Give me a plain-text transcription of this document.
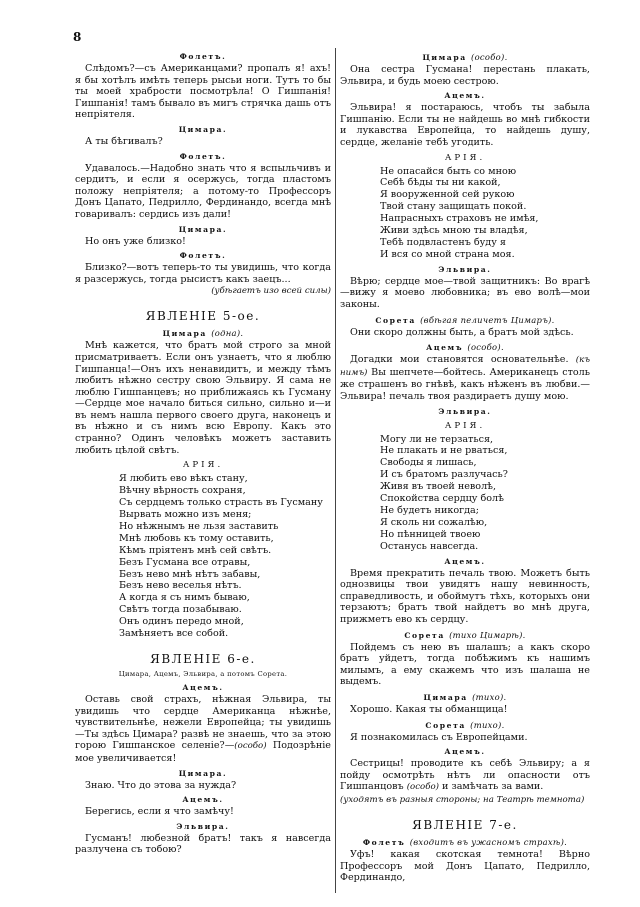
8
Фолетъ.
Слѣдомъ?—съ Американцами? пропалъ я! ахъ! я бы хотѣлъ имѣть теперь рысьи ноги. Тутъ то бы ты моей храбрости посмотрѣла! О Гишпанія! Гишпанія! тамъ бывало въ мигъ стрячка дашь отъ непріятеля.
Цимара.
А ты бѣгивалъ?
Фолетъ.
Удавалось.—Надобно знать что я вспыльчивъ и сердитъ, и если я осержусь, тогда пластомъ положу непріятеля; а потому-то Профессоръ Донъ Цапато, Педрилло, Фердинандо, всегда мнѣ говаривалъ: сердись изъ дали!
Цимара.
Но онъ уже близко!
Фолетъ.
Близко?—вотъ теперь-то ты увидишь, что когда я разсержусь, тогда рысистъ какъ заецъ...
(убѣгаетъ изо всей силы)
ЯВЛЕНІЕ 5-ое.
Цимара (одна).
Мнѣ кажется, что братъ мой строго за мной присматриваетъ. Если онъ узнаетъ, что я люблю Гишпанца!—Онъ ихъ ненавидитъ, и между тѣмъ любитъ нѣжно сестру свою Эльвиру. Я сама не люблю Гишпанцевъ; но приближаясь къ Гусману—Сердце мое начало биться сильно, сильно и—и въ немъ нашла первого своего друга, наконецъ и въ нѣжно и съ нимъ всю Европу. Какъ это странно? Одинъ человѣкъ можетъ заставить любить цѣлой свѣтъ.
АРІЯ.
Я любить ево вѣкъ стану,
Вѣчну вѣрность сохраня,
Съ сердцемъ только страсть въ Гусману
Вырвать можно изъ меня;
Но нѣжнымъ не льзя заставить
Мнѣ любовь къ тому оставить,
Кѣмъ прiятенъ мнѣ сей свѣтъ.
Безъ Гусмана все отравы,
Безъ нево мнѣ нѣтъ забавы,
Безъ нево веселья нѣтъ.
А когда я съ нимъ бываю,
Свѣтъ тогда позабываю.
Онъ одинъ передо мной,
Замѣняетъ все собой.
ЯВЛЕНІЕ 6-е.
Цимара, Ацемъ, Эльвира, а потомъ Сорета.
Ацемъ.
Оставь свой страхъ, нѣжная Эльвира, ты увидишь что сердце Американца нѣжнѣе, чувствительнѣе, нежели Европейца; ты увидишь—Ты здѣсь Цимара? развѣ не знаешь, что за этою горою Гишпанское селеніе?—(особо) Подозрѣніе мое увеличивается!
Цимара.
Знаю. Что до этова за нужда?
Ацемъ.
Берегись, если я что замѣчу!
Эльвира.
Гусманъ! любезной братъ! такъ я навсегда разлучена съ тобою?
Цимара (особо).
Она сестра Гусмана! перестань плакать, Эльвира, и будь моею сестрою.
Ацемъ.
Эльвира! я постараюсь, чтобъ ты забыла Гишпанію. Если ты не найдешь во мнѣ гибкости и лукавства Европейца, то найдешь душу, сердце, желаніе тебѣ угодить.
АРІЯ.
Не опасайся быть со мною
Себѣ бѣды ты ни какой,
Я вооруженной сей рукою
Твой стану защищать покой.
Напрасныхъ страховъ не имѣя,
Живи здѣсь мною ты владѣя,
Тебѣ подвластенъ буду я
И вся со мной страна моя.
Эльвира.
Вѣрю; сердце мое—твой защитникъ: Во врагѣ—вижу я моево любовника; въ ево волѣ—мои законы.
Сорета (вбѣгая пеличетъ Цимаръ).
Они скоро должны быть, а братъ мой здѣсь.
Ацемъ (особо).
Догадки мои становятся основательнѣе. (къ нимъ) Вы шепчете—бойтесь. Американецъ столь же страшенъ во гнѣвѣ, какъ нѣженъ въ любви.—Эльвира! печаль твоя раздираетъ душу мою.
Эльвира.
АРІЯ.
Могу ли не терзаться,
Не плакать и не рваться,
Свободы я лишась,
И съ братомъ разлучась?
Живя въ твоей неволѣ,
Спокойства сердцу болѣ
Не будетъ никогда;
Я сколь ни сожалѣю,
Но пѣнницей твоею
Останусь навсегда.
Ацемъ.
Время прекратить печаль твою. Можетъ быть однозвицы твои увидятъ нашу невинность, справедливость, и обоймутъ тѣхъ, которыхъ они терзаютъ; братъ твой найдетъ во мнѣ друга, прижметъ ево къ сердцу.
Сорета (тихо Цимарѣ).
Пойдемъ съ нею въ шалашъ; а какъ скоро братъ уйдетъ, тогда побѣжимъ къ нашимъ милымъ, а ему скажемъ что изъ шалаша не выдемъ.
Цимара (тихо).
Хорошо. Какая ты обманщица!
Сорета (тихо).
Я познакомилась съ Европейцами.
Ацемъ.
Сестрицы! проводите къ себѣ Эльвиру; а я пойду осмотрѣть нѣтъ ли опасности отъ Гишпанцовъ (особо) и замѣчать за вами.
(уходятъ въ разныя стороны; на Театрѣ темнота)
ЯВЛЕНІЕ 7-е.
Фолетъ (входитъ въ ужасномъ страхѣ).
Уфъ! какая скотская темнота! Вѣрно Профессоръ мой Донъ Цапато, Педрилло, Фердинандо,
